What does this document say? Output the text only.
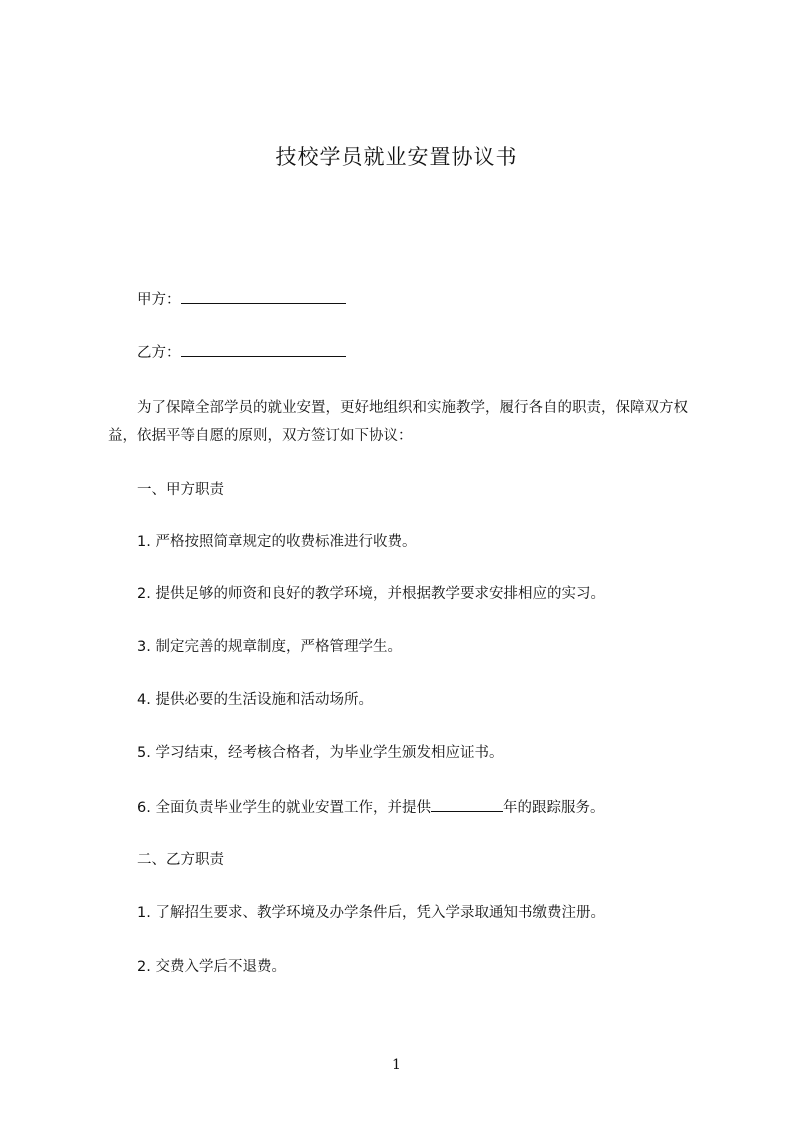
技校学员就业安置协议书
甲方：
乙方：
为了保障全部学员的就业安置，更好地组织和实施教学，履行各自的职责，保障双方权益，依据平等自愿的原则，双方签订如下协议：
一、甲方职责
1. 严格按照简章规定的收费标准进行收费。
2. 提供足够的师资和良好的教学环境，并根据教学要求安排相应的实习。
3. 制定完善的规章制度，严格管理学生。
4. 提供必要的生活设施和活动场所。
5. 学习结束，经考核合格者，为毕业学生颁发相应证书。
6. 全面负责毕业学生的就业安置工作，并提供	年的跟踪服务。
二、乙方职责
1. 了解招生要求、教学环境及办学条件后，凭入学录取通知书缴费注册。
2. 交费入学后不退费。
1
